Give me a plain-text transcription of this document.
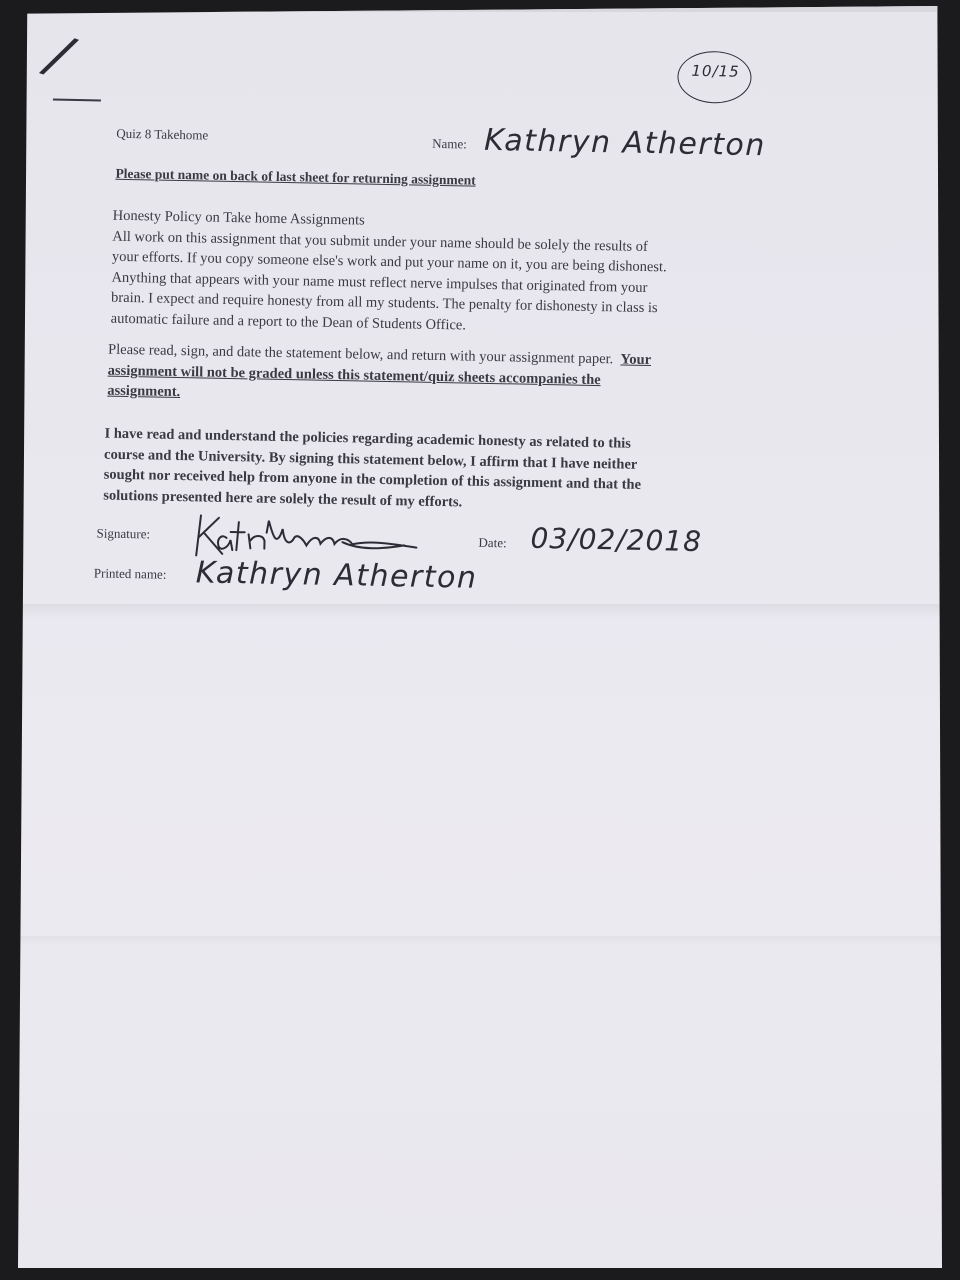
/	10/15
Quiz 8 Takehome
Name: Kathryn Atherton
Please put name on back of last sheet for returning assignment
Honesty Policy on Take home Assignments
All work on this assignment that you submit under your name should be solely the results of
your efforts. If you copy someone else's work and put your name on it, you are being dishonest.
Anything that appears with your name must reflect nerve impulses that originated from your
brain. I expect and require honesty from all my students. The penalty for dishonesty in class is
automatic failure and a report to the Dean of Students Office.
Please read, sign, and date the statement below, and return with your assignment paper. Your
assignment will not be graded unless this statement/quiz sheets accompanies the
assignment.
I have read and understand the policies regarding academic honesty as related to this
course and the University. By signing this statement below, I affirm that I have neither
sought nor received help from anyone in the completion of this assignment and that the
solutions presented here are solely the result of my efforts.
Signature:
Date: 03/02/2018
Printed name: Kathryn Atherton
